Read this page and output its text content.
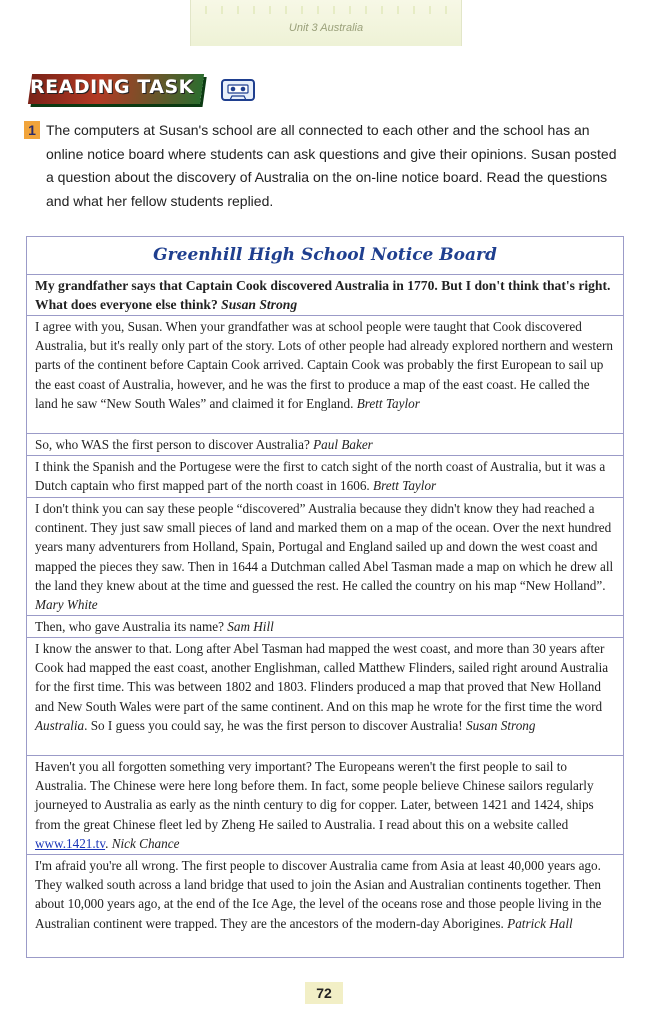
Unit 3 Australia
READING TASK
1 The computers at Susan's school are all connected to each other and the school has an online notice board where students can ask questions and give their opinions. Susan posted a question about the discovery of Australia on the on-line notice board. Read the questions and what her fellow students replied.
Greenhill High School Notice Board
My grandfather says that Captain Cook discovered Australia in 1770. But I don't think that's right. What does everyone else think? Susan Strong
I agree with you, Susan. When your grandfather was at school people were taught that Cook discovered Australia, but it's really only part of the story. Lots of other people had already explored northern and western parts of the continent before Captain Cook arrived. Captain Cook was probably the first European to sail up the east coast of Australia, however, and he was the first to produce a map of the east coast. He called the land he saw “New South Wales” and claimed it for England. Brett Taylor
So, who WAS the first person to discover Australia? Paul Baker
I think the Spanish and the Portugese were the first to catch sight of the north coast of Australia, but it was a Dutch captain who first mapped part of the north coast in 1606. Brett Taylor
I don't think you can say these people “discovered” Australia because they didn't know they had reached a continent. They just saw small pieces of land and marked them on a map of the ocean. Over the next hundred years many adventurers from Holland, Spain, Portugal and England sailed up and down the west coast and mapped the pieces they saw. Then in 1644 a Dutchman called Abel Tasman made a map on which he drew all the land they knew about at the time and guessed the rest. He called the country on his map “New Holland”. Mary White
Then, who gave Australia its name? Sam Hill
I know the answer to that. Long after Abel Tasman had mapped the west coast, and more than 30 years after Cook had mapped the east coast, another Englishman, called Matthew Flinders, sailed right around Australia for the first time. This was between 1802 and 1803. Flinders produced a map that proved that New Holland and New South Wales were part of the same continent. And on this map he wrote for the first time the word Australia. So I guess you could say, he was the first person to discover Australia! Susan Strong
Haven't you all forgotten something very important? The Europeans weren't the first people to sail to Australia. The Chinese were here long before them. In fact, some people believe Chinese sailors regularly journeyed to Australia as early as the ninth century to dig for copper. Later, between 1421 and 1424, ships from the great Chinese fleet led by Zheng He sailed to Australia. I read about this on a website called www.1421.tv. Nick Chance
I'm afraid you're all wrong. The first people to discover Australia came from Asia at least 40,000 years ago. They walked south across a land bridge that used to join the Asian and Australian continents together. Then about 10,000 years ago, at the end of the Ice Age, the level of the oceans rose and those people living in the Australian continent were trapped. They are the ancestors of the modern-day Aborigines. Patrick Hall
72
